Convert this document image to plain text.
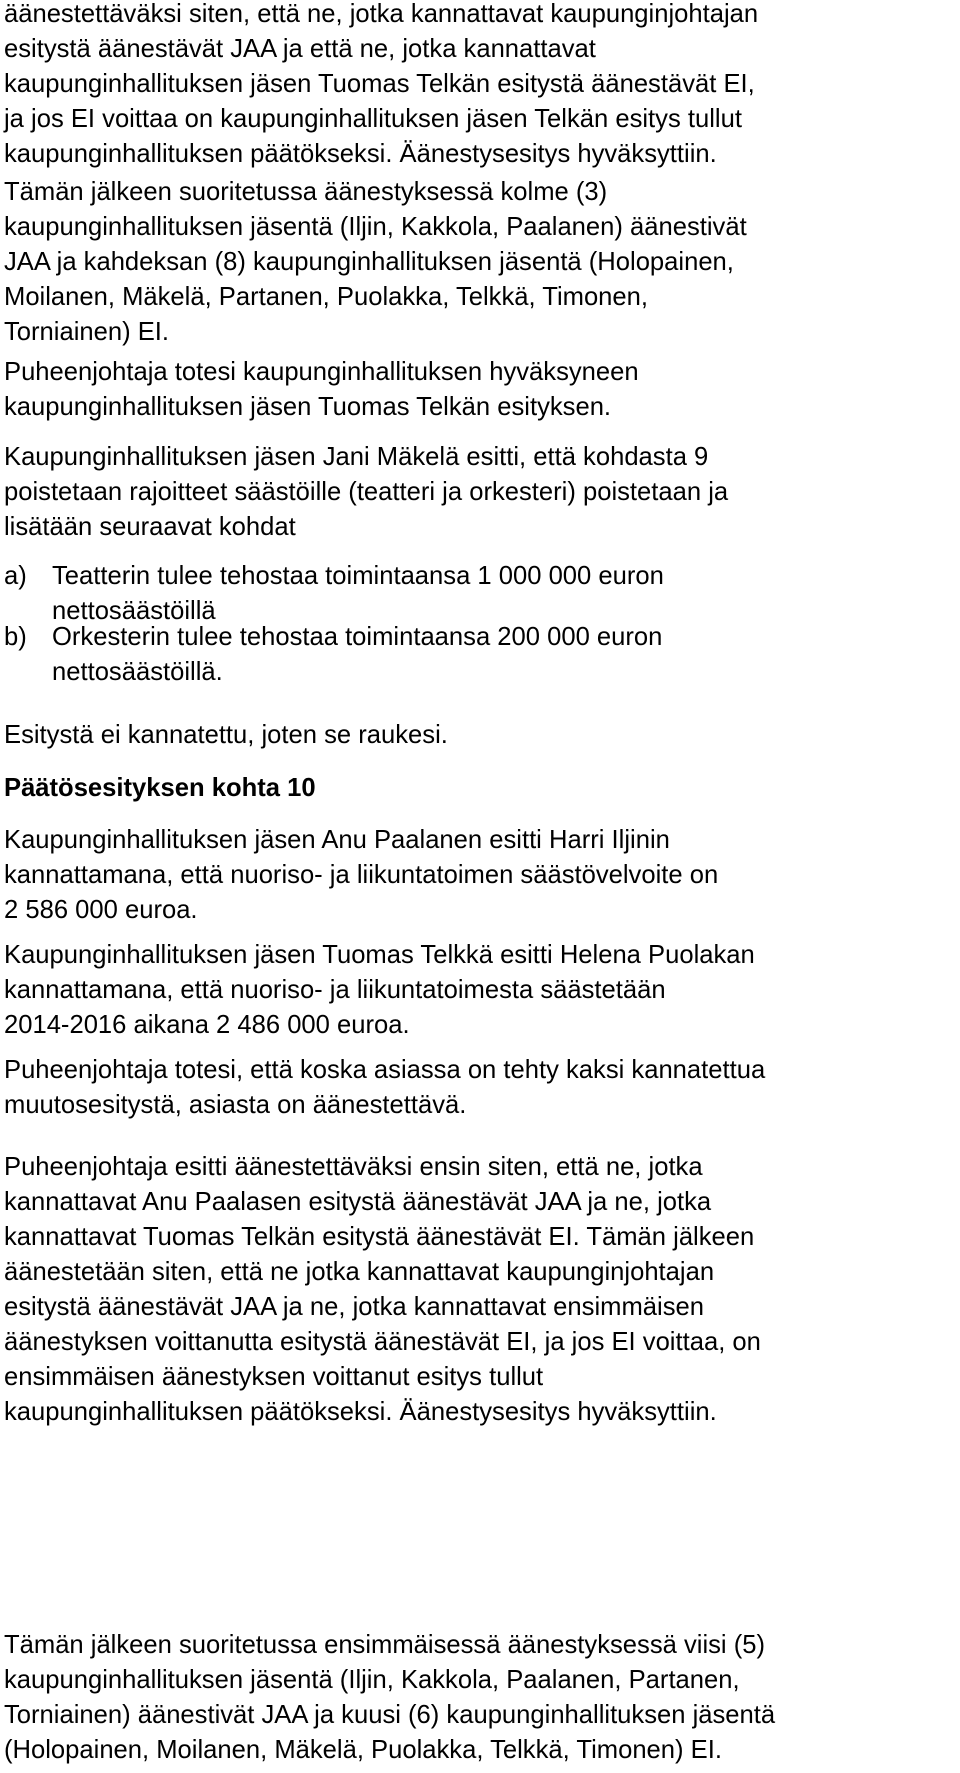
äänestettäväksi siten, että ne, jotka kannattavat kaupunginjohtajan
esitystä äänestävät JAA ja että ne, jotka kannattavat
kaupunginhallituksen jäsen Tuomas Telkän esitystä äänestävät EI,
ja jos EI voittaa on kaupunginhallituksen jäsen Telkän esitys tullut
kaupunginhallituksen päätökseksi. Äänestysesitys hyväksyttiin.
Tämän jälkeen suoritetussa äänestyksessä kolme (3)
kaupunginhallituksen jäsentä (Iljin, Kakkola, Paalanen) äänestivät
JAA ja kahdeksan (8) kaupunginhallituksen jäsentä (Holopainen,
Moilanen, Mäkelä, Partanen, Puolakka, Telkkä, Timonen,
Torniainen) EI.
Puheenjohtaja totesi kaupunginhallituksen hyväksyneen
kaupunginhallituksen jäsen Tuomas Telkän esityksen.
Kaupunginhallituksen jäsen Jani Mäkelä esitti, että kohdasta 9
poistetaan rajoitteet säästöille (teatteri ja orkesteri) poistetaan ja
lisätään seuraavat kohdat
a) Teatterin tulee tehostaa toimintaansa 1 000 000 euron
nettosäästöillä
b) Orkesterin tulee tehostaa toimintaansa 200 000 euron
nettosäästöillä.
Esitystä ei kannatettu, joten se raukesi.
Päätösesityksen kohta 10
Kaupunginhallituksen jäsen Anu Paalanen esitti Harri Iljinin
kannattamana, että nuoriso- ja liikuntatoimen säästövelvoite on
2 586 000 euroa.
Kaupunginhallituksen jäsen Tuomas Telkkä esitti Helena Puolakan
kannattamana, että nuoriso- ja liikuntatoimesta säästetään
2014-2016 aikana 2 486 000 euroa.
Puheenjohtaja totesi, että koska asiassa on tehty kaksi kannatettua
muutosesitystä, asiasta on äänestettävä.
Puheenjohtaja esitti äänestettäväksi ensin siten, että ne, jotka
kannattavat Anu Paalasen esitystä äänestävät JAA ja ne, jotka
kannattavat Tuomas Telkän esitystä äänestävät EI. Tämän jälkeen
äänestetään siten, että ne jotka kannattavat kaupunginjohtajan
esitystä äänestävät JAA ja ne, jotka kannattavat ensimmäisen
äänestyksen voittanutta esitystä äänestävät EI, ja jos EI voittaa, on
ensimmäisen äänestyksen voittanut esitys tullut
kaupunginhallituksen päätökseksi. Äänestysesitys hyväksyttiin.
Tämän jälkeen suoritetussa ensimmäisessä äänestyksessä viisi (5)
kaupunginhallituksen jäsentä (Iljin, Kakkola, Paalanen, Partanen,
Torniainen) äänestivät JAA ja kuusi (6) kaupunginhallituksen jäsentä
(Holopainen, Moilanen, Mäkelä, Puolakka, Telkkä, Timonen) EI.
